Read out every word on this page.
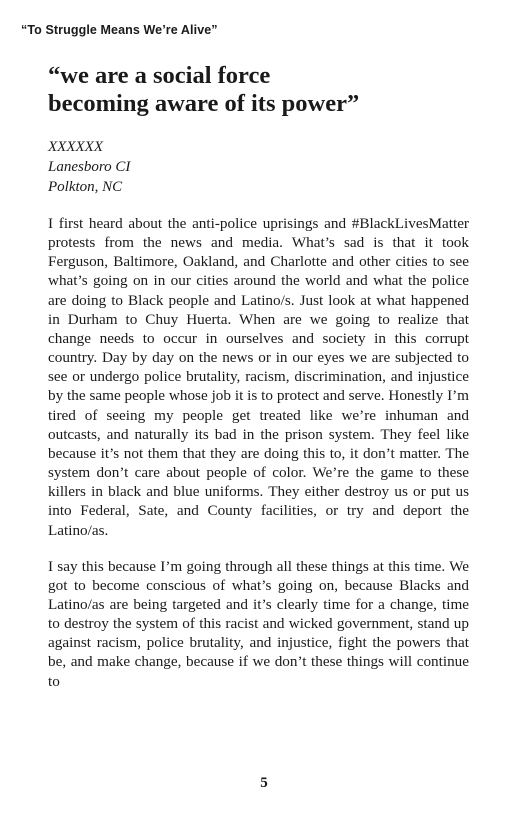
“To Struggle Means We’re Alive”
“we are a social force
becoming aware of its power”
XXXXXX
Lanesboro CI
Polkton, NC

I first heard about the anti-police uprisings and #BlackLivesMatter protests from the news and media. What’s sad is that it took Ferguson, Baltimore, Oakland, and Charlotte and other cities to see what’s going on in our cities around the world and what the police are doing to Black people and Latino/s. Just look at what happened in Durham to Chuy Huerta. When are we going to realize that change needs to occur in ourselves and society in this corrupt country. Day by day on the news or in our eyes we are subjected to see or undergo police brutality, racism, discrimination, and injustice by the same people whose job it is to protect and serve. Honestly I’m tired of seeing my people get treated like we’re inhuman and outcasts, and naturally its bad in the prison system. They feel like because it’s not them that they are doing this to, it don’t matter. The system don’t care about people of color. We’re the game to these killers in black and blue uniforms. They either destroy us or put us into Federal, Sate, and County facilities, or try and deport the Latino/as.

I say this because I’m going through all these things at this time. We got to become conscious of what’s going on, because Blacks and Latino/as are being targeted and it’s clearly time for a change, time to destroy the system of this racist and wicked government, stand up against racism, police brutality, and injustice, fight the powers that be, and make change, because if we don’t these things will continue to

5
